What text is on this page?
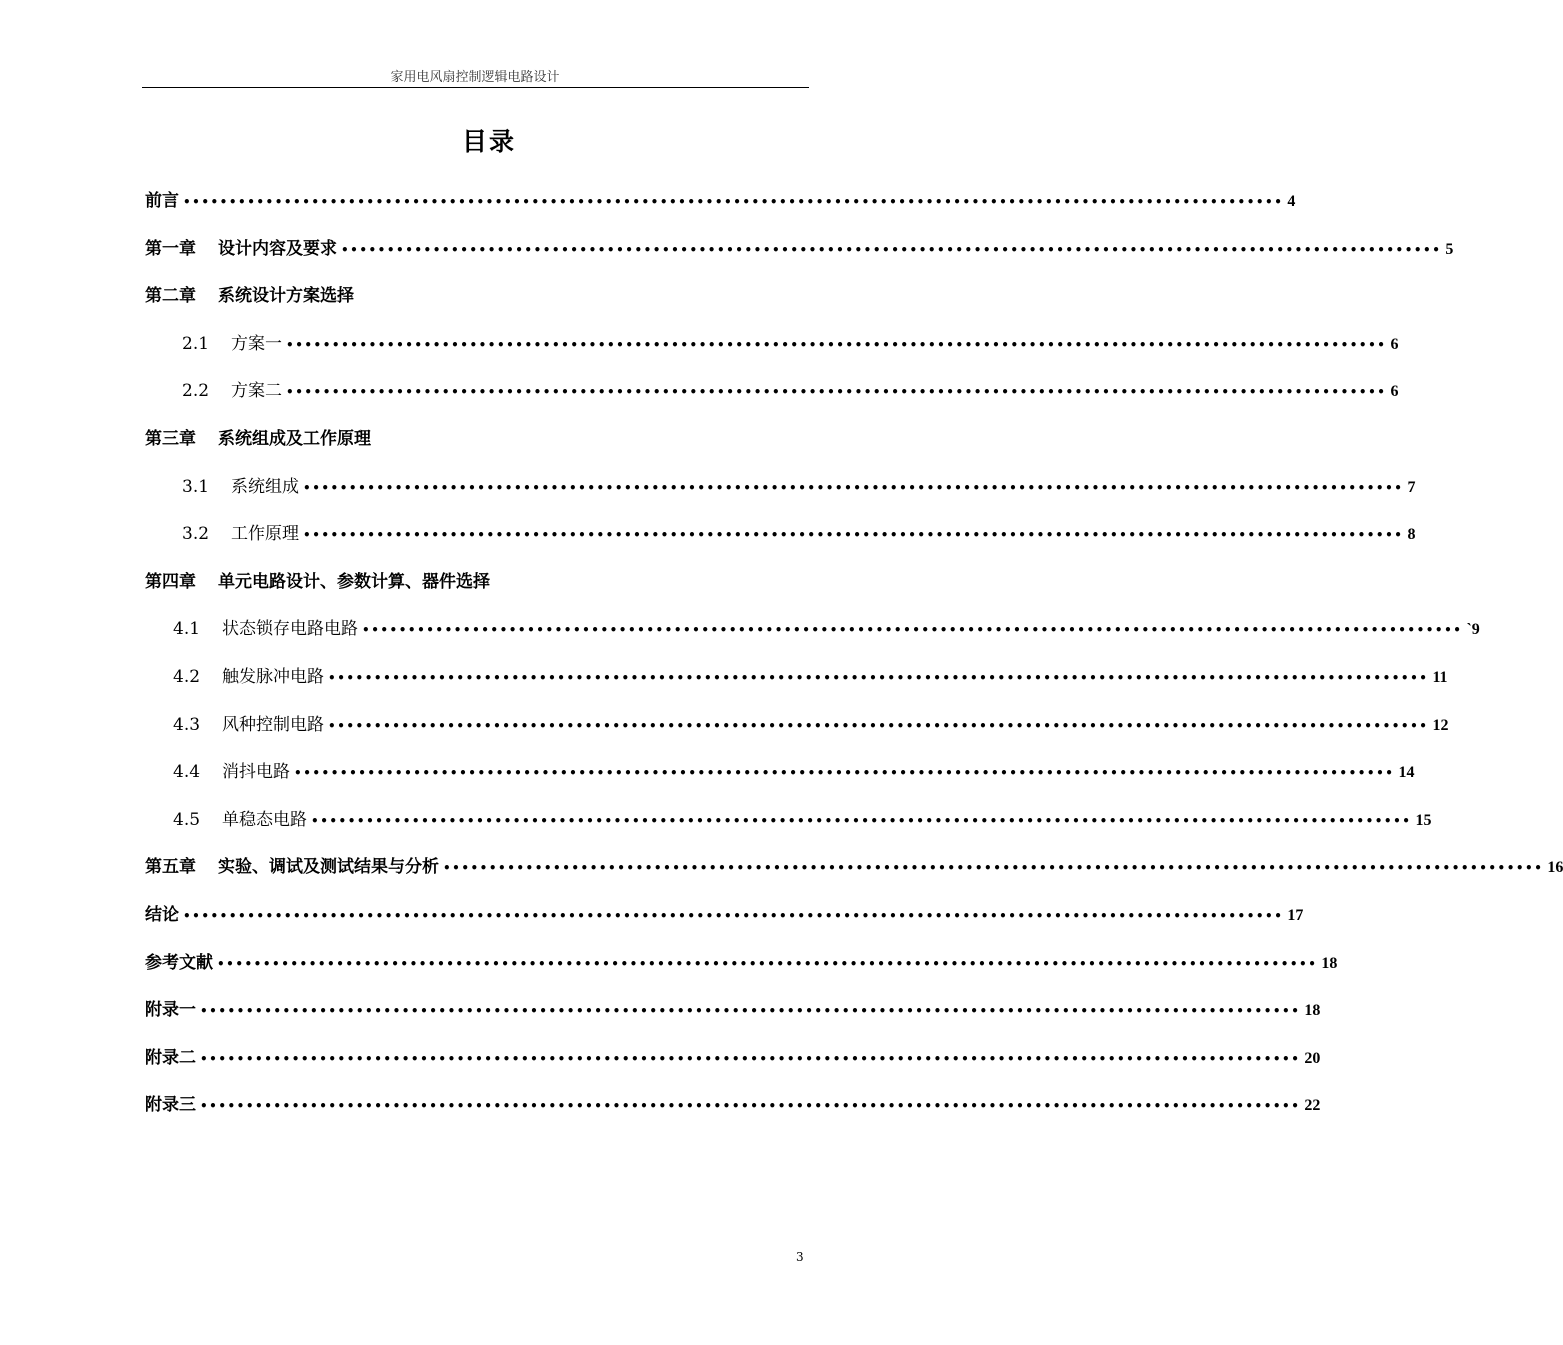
家用电风扇控制逻辑电路设计
目录
前言 •••••••••••••••••••••••••••••••••••••••••••••••••••••••••••••••••••••••••••••••••••••••••••••••••••••••••••••••••••••••• 4
第一章 设计内容及要求 •••••••••••••••••••••••••••••••••••••••••••••••••••••••••••••••••••••••••••••••••••••••••••••••••••••••••••••••••••••••• 5
第二章 系统设计方案选择
2.1 方案一 •••••••••••••••••••••••••••••••••••••••••••••••••••••••••••••••••••••••••••••••••••••••••••••••••••••••••••••••••••••••• 6
2.2 方案二 •••••••••••••••••••••••••••••••••••••••••••••••••••••••••••••••••••••••••••••••••••••••••••••••••••••••••••••••••••••••• 6
第三章 系统组成及工作原理
3.1 系统组成 •••••••••••••••••••••••••••••••••••••••••••••••••••••••••••••••••••••••••••••••••••••••••••••••••••••••••••••••••••••••• 7
3.2 工作原理 •••••••••••••••••••••••••••••••••••••••••••••••••••••••••••••••••••••••••••••••••••••••••••••••••••••••••••••••••••••••• 8
第四章 单元电路设计、参数计算、器件选择
4.1 状态锁存电路电路 •••••••••••••••••••••••••••••••••••••••••••••••••••••••••••••••••••••••••••••••••••••••••••••••••••••••••••••••••••••••• `9
4.2 触发脉冲电路 •••••••••••••••••••••••••••••••••••••••••••••••••••••••••••••••••••••••••••••••••••••••••••••••••••••••••••••••••••••••• 11
4.3 风种控制电路 •••••••••••••••••••••••••••••••••••••••••••••••••••••••••••••••••••••••••••••••••••••••••••••••••••••••••••••••••••••••• 12
4.4 消抖电路 •••••••••••••••••••••••••••••••••••••••••••••••••••••••••••••••••••••••••••••••••••••••••••••••••••••••••••••••••••••••• 14
4.5 单稳态电路 •••••••••••••••••••••••••••••••••••••••••••••••••••••••••••••••••••••••••••••••••••••••••••••••••••••••••••••••••••••••• 15
第五章 实验、调试及测试结果与分析 •••••••••••••••••••••••••••••••••••••••••••••••••••••••••••••••••••••••••••••••••••••••••••••••••••••••••••••••••••••••• 16
结论 •••••••••••••••••••••••••••••••••••••••••••••••••••••••••••••••••••••••••••••••••••••••••••••••••••••••••••••••••••••••• 17
参考文献 •••••••••••••••••••••••••••••••••••••••••••••••••••••••••••••••••••••••••••••••••••••••••••••••••••••••••••••••••••••••• 18
附录一 •••••••••••••••••••••••••••••••••••••••••••••••••••••••••••••••••••••••••••••••••••••••••••••••••••••••••••••••••••••••• 18
附录二 •••••••••••••••••••••••••••••••••••••••••••••••••••••••••••••••••••••••••••••••••••••••••••••••••••••••••••••••••••••••• 20
附录三 •••••••••••••••••••••••••••••••••••••••••••••••••••••••••••••••••••••••••••••••••••••••••••••••••••••••••••••••••••••••• 22
3
